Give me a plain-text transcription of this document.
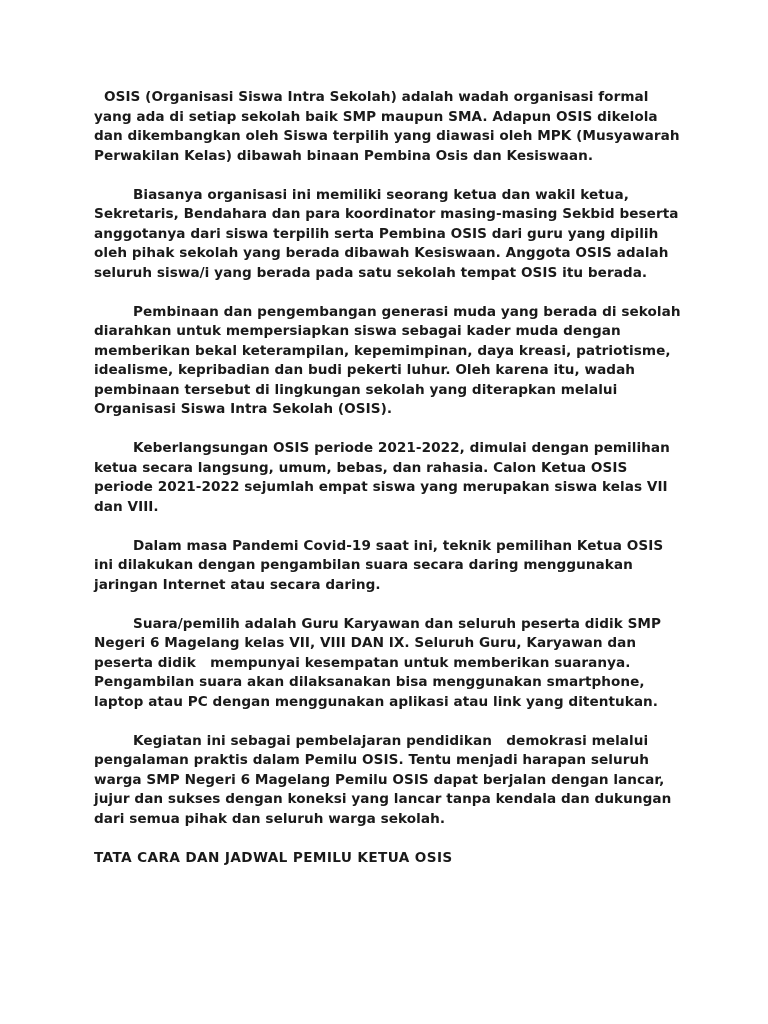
OSIS (Organisasi Siswa Intra Sekolah) adalah wadah organisasi formal yang ada di setiap sekolah baik SMP maupun SMA. Adapun OSIS dikelola dan dikembangkan oleh Siswa terpilih yang diawasi oleh MPK (Musyawarah Perwakilan Kelas) dibawah binaan Pembina Osis dan Kesiswaan.

Biasanya organisasi ini memiliki seorang ketua dan wakil ketua, Sekretaris, Bendahara dan para koordinator masing-masing Sekbid beserta anggotanya dari siswa terpilih serta Pembina OSIS dari guru yang dipilih oleh pihak sekolah yang berada dibawah Kesiswaan. Anggota OSIS adalah seluruh siswa/i yang berada pada satu sekolah tempat OSIS itu berada.

Pembinaan dan pengembangan generasi muda yang berada di sekolah diarahkan untuk mempersiapkan siswa sebagai kader muda dengan memberikan bekal keterampilan, kepemimpinan, daya kreasi, patriotisme, idealisme, kepribadian dan budi pekerti luhur. Oleh karena itu, wadah pembinaan tersebut di lingkungan sekolah yang diterapkan melalui Organisasi Siswa Intra Sekolah (OSIS).

Keberlangsungan OSIS periode 2021-2022, dimulai dengan pemilihan ketua secara langsung, umum, bebas, dan rahasia. Calon Ketua OSIS periode 2021-2022 sejumlah empat siswa yang merupakan siswa kelas VII dan VIII.

Dalam masa Pandemi Covid-19 saat ini, teknik pemilihan Ketua OSIS ini dilakukan dengan pengambilan suara secara daring menggunakan jaringan Internet atau secara daring.

Suara/pemilih adalah Guru Karyawan dan seluruh peserta didik SMP Negeri 6 Magelang kelas VII, VIII DAN IX. Seluruh Guru, Karyawan dan peserta didik   mempunyai kesempatan untuk memberikan suaranya. Pengambilan suara akan dilaksanakan bisa menggunakan smartphone, laptop atau PC dengan menggunakan aplikasi atau link yang ditentukan.

Kegiatan ini sebagai pembelajaran pendidikan   demokrasi melalui pengalaman praktis dalam Pemilu OSIS. Tentu menjadi harapan seluruh warga SMP Negeri 6 Magelang Pemilu OSIS dapat berjalan dengan lancar, jujur dan sukses dengan koneksi yang lancar tanpa kendala dan dukungan dari semua pihak dan seluruh warga sekolah.

TATA CARA DAN JADWAL PEMILU KETUA OSIS
